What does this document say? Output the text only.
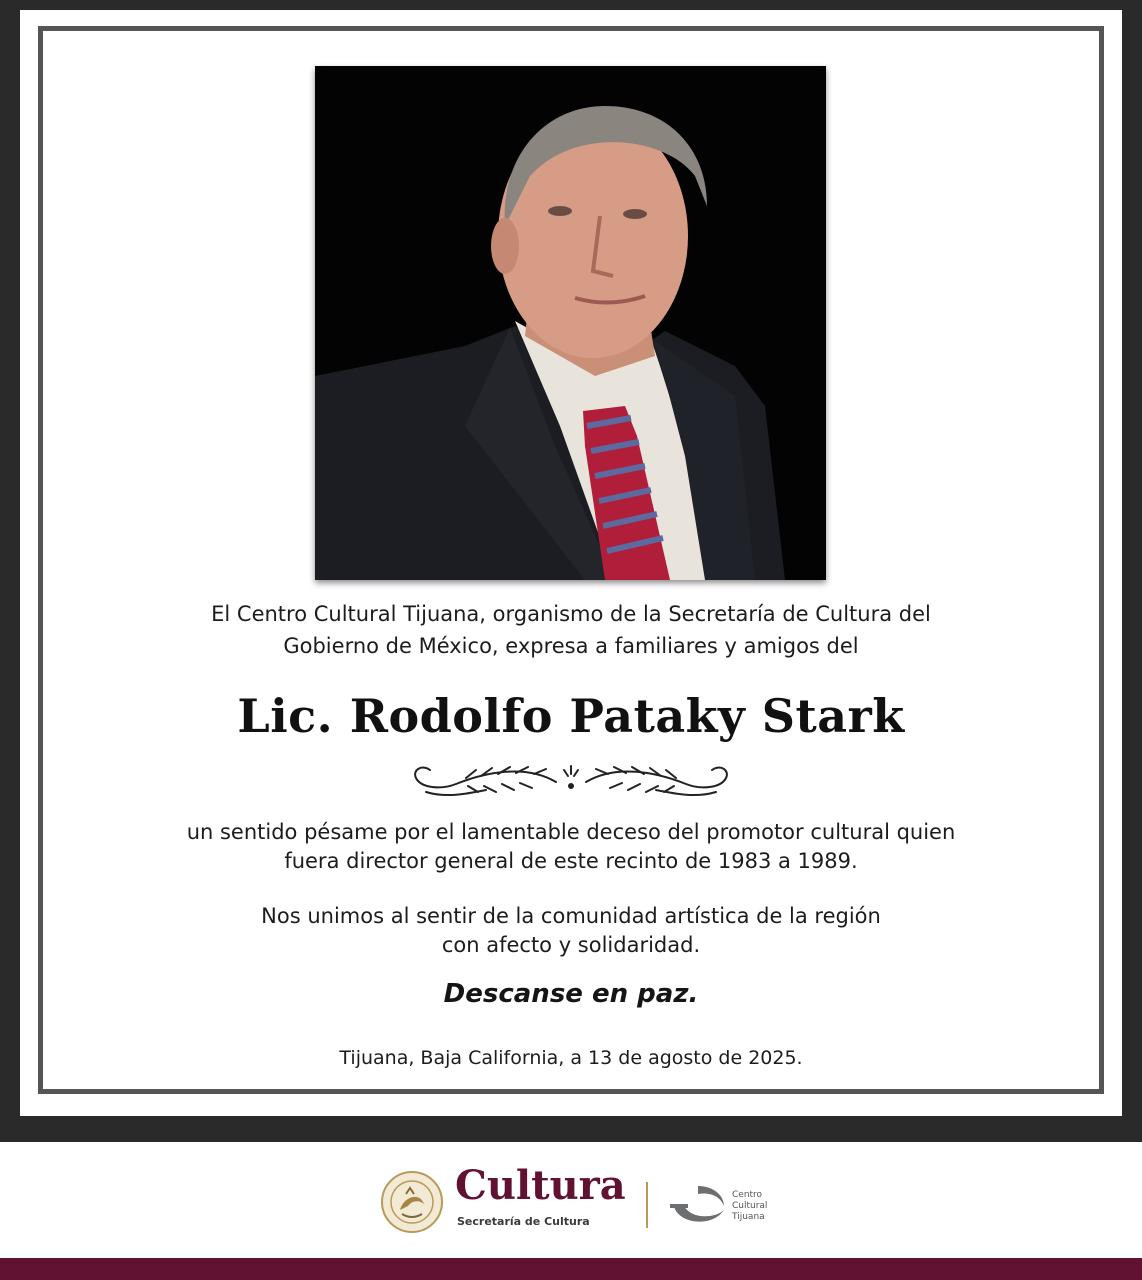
El Centro Cultural Tijuana, organismo de la Secretaría de Cultura del
Gobierno de México, expresa a familiares y amigos del
Lic. Rodolfo Pataky Stark
un sentido pésame por el lamentable deceso del promotor cultural quien
fuera director general de este recinto de 1983 a 1989.
Nos unimos al sentir de la comunidad artística de la región
con afecto y solidaridad.
Descanse en paz.
Tijuana, Baja California, a 13 de agosto de 2025.
Cultura
Secretaría de Cultura
Centro
Cultural
Tijuana
